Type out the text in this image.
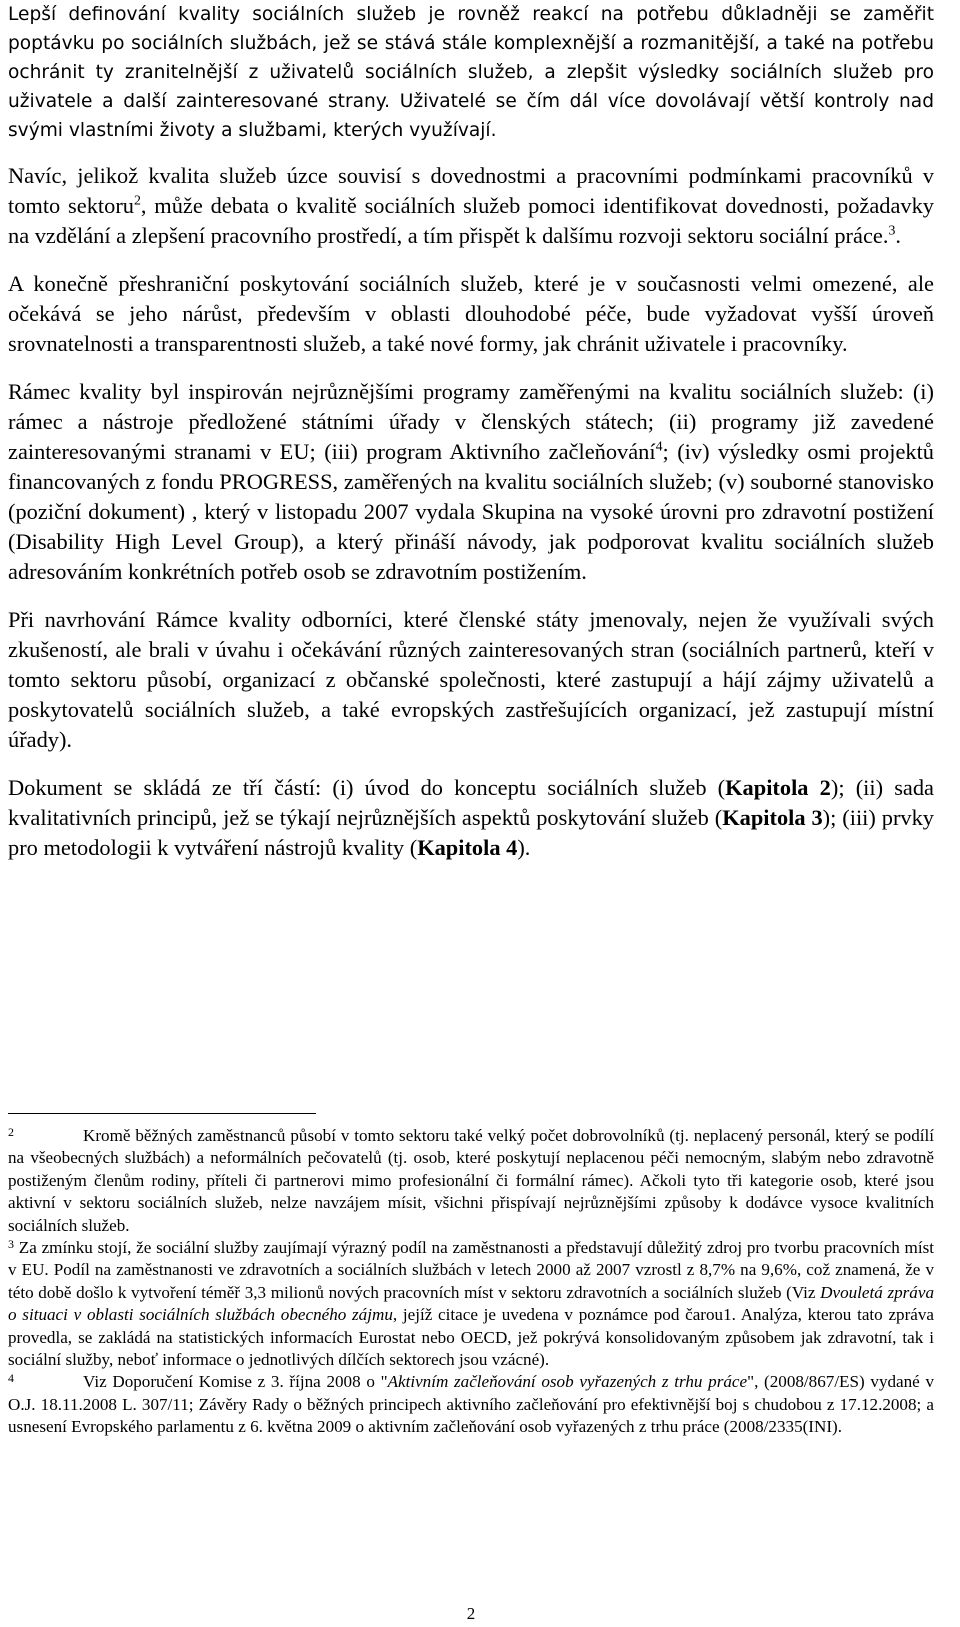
Lepší definování kvality sociálních služeb je rovněž reakcí na potřebu důkladněji se zaměřit poptávku po sociálních službách, jež se stává stále komplexnější a rozmanitější, a také na potřebu ochránit ty zranitelnější z uživatelů sociálních služeb, a zlepšit výsledky sociálních služeb pro uživatele a další zainteresované strany. Uživatelé se čím dál více dovolávají větší kontroly nad svými vlastními životy a službami, kterých využívají.

Navíc, jelikož kvalita služeb úzce souvisí s dovednostmi a pracovními podmínkami pracovníků v tomto sektoru$^2$, může debata o kvalitě sociálních služeb pomoci identifikovat dovednosti, požadavky na vzdělání a zlepšení pracovního prostředí, a tím přispět k dalšímu rozvoji sektoru sociální práce.$^3$.

A konečně přeshraniční poskytování sociálních služeb, které je v současnosti velmi omezené, ale očekává se jeho nárůst, především v oblasti dlouhodobé péče, bude vyžadovat vyšší úroveň srovnatelnosti a transparentnosti služeb, a také nové formy, jak chránit uživatele i pracovníky.

Rámec kvality byl inspirován nejrůznějšími programy zaměřenými na kvalitu sociálních služeb: (i) rámec a nástroje předložené státními úřady v členských státech; (ii) programy již zavedené zainteresovanými stranami v EU; (iii) program Aktivního začleňování$^4$; (iv) výsledky osmi projektů financovaných z fondu PROGRESS, zaměřených na kvalitu sociálních služeb; (v) souborné stanovisko (poziční dokument) , který v listopadu 2007 vydala Skupina na vysoké úrovni pro zdravotní postižení (Disability High Level Group), a který přináší návody, jak podporovat kvalitu sociálních služeb adresováním konkrétních potřeb osob se zdravotním postižením.

Při navrhování Rámce kvality odborníci, které členské státy jmenovaly, nejen že využívali svých zkušeností, ale brali v úvahu i očekávání různých zainteresovaných stran (sociálních partnerů, kteří v tomto sektoru působí, organizací z občanské společnosti, které zastupují a hájí zájmy uživatelů a poskytovatelů sociálních služeb, a také evropských zastřešujících organizací, jež zastupují místní úřady).

Dokument se skládá ze tří částí: (i) úvod do konceptu sociálních služeb (Kapitola 2); (ii) sada kvalitativních principů, jež se týkají nejrůznějších aspektů poskytování služeb (Kapitola 3); (iii) prvky pro metodologii k vytváření nástrojů kvality (Kapitola 4).

2	Kromě běžných zaměstnanců působí v tomto sektoru také velký počet dobrovolníků (tj. neplacený personál, který se podílí na všeobecných službách) a neformálních pečovatelů (tj. osob, které poskytují neplacenou péči nemocným, slabým nebo zdravotně postiženým členům rodiny, příteli či partnerovi mimo profesionální či formální rámec). Ačkoli tyto tři kategorie osob, které jsou aktivní v sektoru sociálních služeb, nelze navzájem mísit, všichni přispívají nejrůznějšími způsoby k dodávce vysoce kvalitních sociálních služeb.

3 Za zmínku stojí, že sociální služby zaujímají výrazný podíl na zaměstnanosti a představují důležitý zdroj pro tvorbu pracovních míst v EU. Podíl na zaměstnanosti ve zdravotních a sociálních službách v letech 2000 až 2007 vzrostl z 8,7% na 9,6%, což znamená, že v této době došlo k vytvoření téměř 3,3 milionů nových pracovních míst v sektoru zdravotních a sociálních služeb (Viz Dvouletá zpráva o situaci v oblasti sociálních službách obecného zájmu, jejíž citace je uvedena v poznámce pod čarou1. Analýza, kterou tato zpráva provedla, se zakládá na statistických informacích Eurostat nebo OECD, jež pokrývá konsolidovaným způsobem jak zdravotní, tak i sociální služby, neboť informace o jednotlivých dílčích sektorech jsou vzácné).

4	Viz Doporučení Komise z 3. října 2008 o "Aktivním začleňování osob vyřazených z trhu práce", (2008/867/ES) vydané v O.J. 18.11.2008 L. 307/11; Závěry Rady o běžných principech aktivního začleňování pro efektivnější boj s chudobou z 17.12.2008; a usnesení Evropského parlamentu z 6. května 2009 o aktivním začleňování osob vyřazených z trhu práce (2008/2335(INI).

2
